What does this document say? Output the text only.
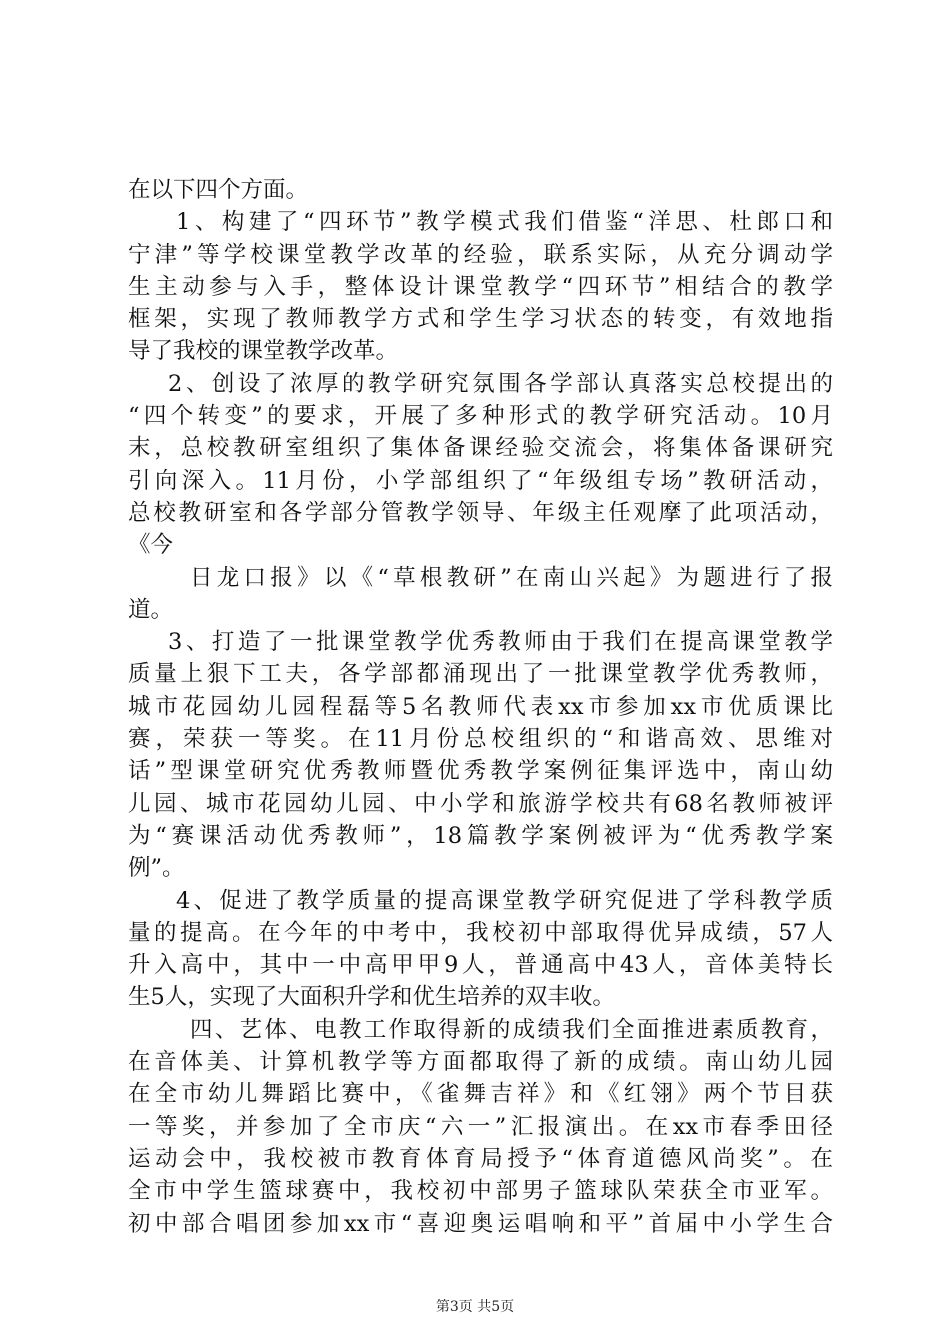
在以下四个方面。
1、构建了“四环节”教学模式我们借鉴“洋思、杜郎口和
宁津”等学校课堂教学改革的经验，联系实际，从充分调动学
生主动参与入手，整体设计课堂教学“四环节”相结合的教学
框架，实现了教师教学方式和学生学习状态的转变，有效地指
导了我校的课堂教学改革。
2、创设了浓厚的教学研究氛围各学部认真落实总校提出的
“四个转变”的要求，开展了多种形式的教学研究活动。10月
末，总校教研室组织了集体备课经验交流会，将集体备课研究
引向深入。11月份，小学部组织了“年级组专场”教研活动，
总校教研室和各学部分管教学领导、年级主任观摩了此项活动，
《今
日龙口报》以《“草根教研”在南山兴起》为题进行了报
道。
3、打造了一批课堂教学优秀教师由于我们在提高课堂教学
质量上狠下工夫，各学部都涌现出了一批课堂教学优秀教师，
城市花园幼儿园程磊等5名教师代表xx市参加xx市优质课比
赛，荣获一等奖。在11月份总校组织的“和谐高效、思维对
话”型课堂研究优秀教师暨优秀教学案例征集评选中，南山幼
儿园、城市花园幼儿园、中小学和旅游学校共有68名教师被评
为“赛课活动优秀教师”，18篇教学案例被评为“优秀教学案
例”。
4、促进了教学质量的提高课堂教学研究促进了学科教学质
量的提高。在今年的中考中，我校初中部取得优异成绩，57人
升入高中，其中一中高甲甲9人，普通高中43人，音体美特长
生5人，实现了大面积升学和优生培养的双丰收。
四、艺体、电教工作取得新的成绩我们全面推进素质教育，
在音体美、计算机教学等方面都取得了新的成绩。南山幼儿园
在全市幼儿舞蹈比赛中，《雀舞吉祥》和《红翎》两个节目获
一等奖，并参加了全市庆“六一”汇报演出。在xx市春季田径
运动会中，我校被市教育体育局授予“体育道德风尚奖”。在
全市中学生篮球赛中，我校初中部男子篮球队荣获全市亚军。
初中部合唱团参加xx市“喜迎奥运唱响和平”首届中小学生合
第3页 共5页
